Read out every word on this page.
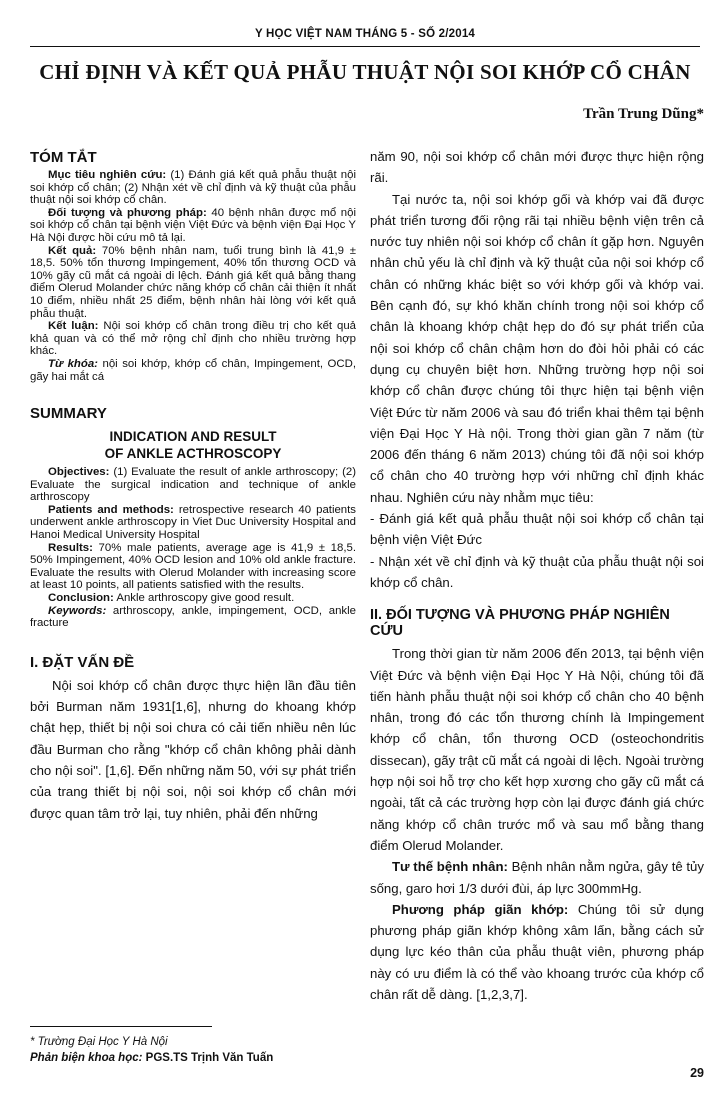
Y HỌC VIỆT NAM THÁNG 5 - SỐ 2/2014
CHỈ ĐỊNH VÀ KẾT QUẢ PHẪU THUẬT NỘI SOI KHỚP CỔ CHÂN
Trần Trung Dũng*
TÓM TẮT

Mục tiêu nghiên cứu: (1) Đánh giá kết quả phẫu thuật nội soi khớp cổ chân; (2) Nhận xét về chỉ định và kỹ thuật của phẫu thuật nội soi khớp cổ chân.

Đối tượng và phương pháp: 40 bệnh nhân được mổ nội soi khớp cổ chân tại bệnh viện Việt Đức và bệnh viện Đại Học Y Hà Nội được hồi cứu mô tả lại.

Kết quả: 70% bệnh nhân nam, tuổi trung bình là 41,9 ± 18,5. 50% tổn thương Impingement, 40% tổn thương OCD và 10% gãy cũ mắt cá ngoài di lệch. Đánh giá kết quả bằng thang điểm Olerud Molander chức năng khớp cổ chân cải thiện ít nhất 10 điểm, nhiều nhất 25 điểm, bệnh nhân hài lòng với kết quả phẫu thuật.

Kết luận: Nội soi khớp cổ chân trong điều trị cho kết quả khả quan và có thể mở rộng chỉ định cho nhiều trường hợp khác.

Từ khóa: nội soi khớp, khớp cổ chân, Impingement, OCD, gãy hai mắt cá

SUMMARY
INDICATION AND RESULT
OF ANKLE ACTHROSCOPY

Objectives: (1) Evaluate the result of ankle arthroscopy; (2) Evaluate the surgical indication and technique of ankle arthroscopy

Patients and methods: retrospective research 40 patients underwent ankle arthroscopy in Viet Duc University Hospital and Hanoi Medical University Hospital

Results: 70% male patients, average age is 41,9 ± 18,5. 50% Impingement, 40% OCD lesion and 10% old ankle fracture. Evaluate the results with Olerud Molander with increasing score at least 10 points, all patients satisfied with the results.

Conclusion: Ankle arthroscopy give good result.

Keywords: arthroscopy, ankle, impingement, OCD, ankle fracture

I. ĐẶT VẤN ĐỀ

Nội soi khớp cổ chân được thực hiện lần đầu tiên bởi Burman năm 1931[1,6], nhưng do khoang khớp chật hẹp, thiết bị nội soi chưa có cải tiến nhiều nên lúc đầu Burman cho rằng "khớp cổ chân không phải dành cho nội soi". [1,6]. Đến những năm 50, với sự phát triển của trang thiết bị nội soi, nội soi khớp cổ chân mới được quan tâm trở lại, tuy nhiên, phải đến những

năm 90, nội soi khớp cổ chân mới được thực hiện rộng rãi.

Tại nước ta, nội soi khớp gối và khớp vai đã được phát triển tương đối rộng rãi tại nhiều bệnh viện trên cả nước tuy nhiên nội soi khớp cổ chân ít gặp hơn. Nguyên nhân chủ yếu là chỉ định và kỹ thuật của nội soi khớp cổ chân có những khác biệt so với khớp gối và khớp vai. Bên cạnh đó, sự khó khăn chính trong nội soi khớp cổ chân là khoang khớp chật hẹp do đó sự phát triển của nội soi khớp cổ chân chậm hơn do đòi hỏi phải có các dụng cụ chuyên biệt hơn. Những trường hợp nội soi khớp cổ chân được chúng tôi thực hiện tại bệnh viện Việt Đức từ năm 2006 và sau đó triển khai thêm tại bệnh viện Đại Học Y Hà nội. Trong thời gian gần 7 năm (từ 2006 đến tháng 6 năm 2013) chúng tôi đã nội soi khớp cổ chân cho 40 trường hợp với những chỉ định khác nhau. Nghiên cứu này nhằm mục tiêu:

- Đánh giá kết quả phẫu thuật nội soi khớp cổ chân tại bệnh viện Việt Đức

- Nhận xét về chỉ định và kỹ thuật của phẫu thuật nội soi khớp cổ chân.

II. ĐỐI TƯỢNG VÀ PHƯƠNG PHÁP NGHIÊN CỨU

Trong thời gian từ năm 2006 đến 2013, tại bệnh viện Việt Đức và bệnh viện Đại Học Y Hà Nội, chúng tôi đã tiến hành phẫu thuật nội soi khớp cổ chân cho 40 bệnh nhân, trong đó các tổn thương chính là Impingement khớp cổ chân, tổn thương OCD (osteochondritis dissecan), gãy trật cũ mắt cá ngoài di lệch. Ngoài trường hợp nội soi hỗ trợ cho kết hợp xương cho gãy cũ mắt cá ngoài, tất cả các trường hợp còn lại được đánh giá chức năng khớp cổ chân trước mổ và sau mổ bằng thang điểm Olerud Molander.

Tư thế bệnh nhân: Bệnh nhân nằm ngửa, gây tê tủy sống, garo hơi 1/3 dưới đùi, áp lực 300mmHg.

Phương pháp giãn khớp: Chúng tôi sử dụng phương pháp giãn khớp không xâm lấn, bằng cách sử dụng lực kéo thân của phẫu thuật viên, phương pháp này có ưu điểm là có thể vào khoang trước của khớp cổ chân rất dễ dàng. [1,2,3,7].

* Trường Đại Học Y Hà Nội
Phản biện khoa học: PGS.TS Trịnh Văn Tuấn
29
